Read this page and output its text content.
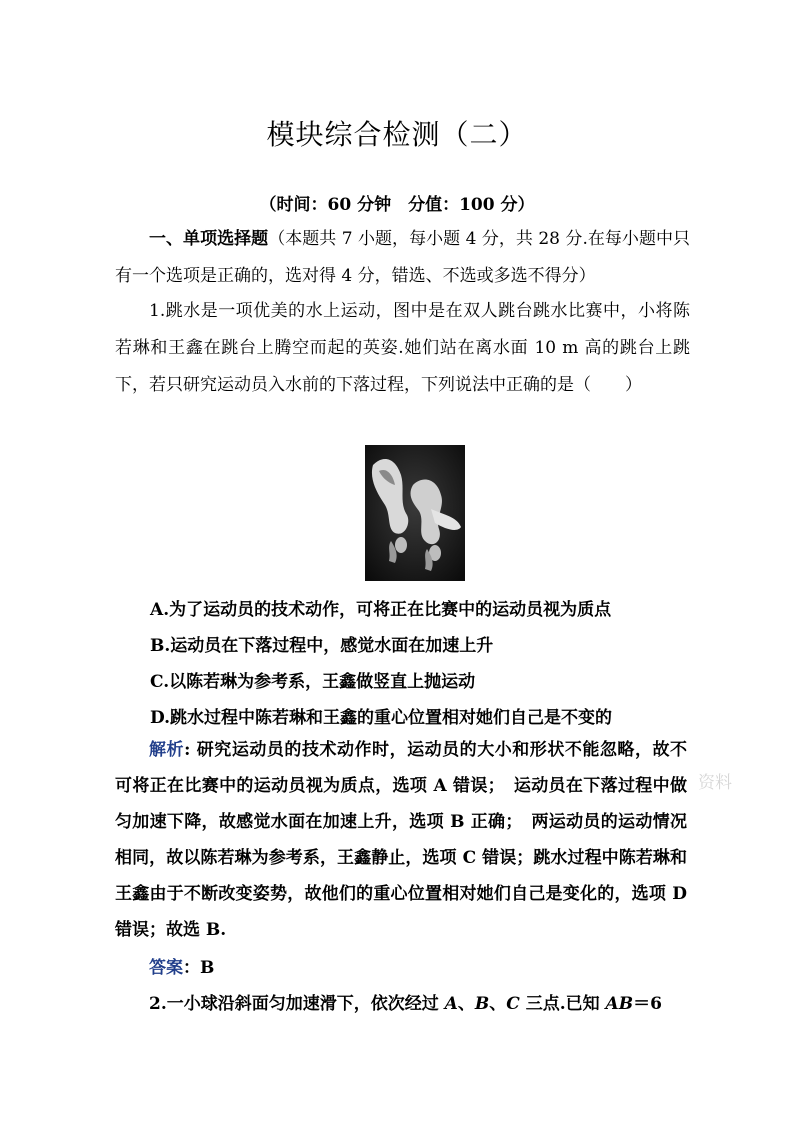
模块综合检测（二）
（时间：60 分钟　分值：100 分）
一、单项选择题（本题共 7 小题，每小题 4 分，共 28 分.在每小题中只有一个选项是正确的，选对得 4 分，错选、不选或多选不得分）
1.跳水是一项优美的水上运动，图中是在双人跳台跳水比赛中，小将陈若琳和王鑫在跳台上腾空而起的英姿.她们站在离水面 10 m 高的跳台上跳下，若只研究运动员入水前的下落过程，下列说法中正确的是（　　）
A.为了运动员的技术动作，可将正在比赛中的运动员视为质点
B.运动员在下落过程中，感觉水面在加速上升
C.以陈若琳为参考系，王鑫做竖直上抛运动
D.跳水过程中陈若琳和王鑫的重心位置相对她们自己是不变的
解析: 研究运动员的技术动作时，运动员的大小和形状不能忽略，故不可将正在比赛中的运动员视为质点，选项 A 错误；　运动员在下落过程中做匀加速下降，故感觉水面在加速上升，选项 B 正确；　两运动员的运动情况相同，故以陈若琳为参考系，王鑫静止，选项 C 错误；跳水过程中陈若琳和王鑫由于不断改变姿势，故他们的重心位置相对她们自己是变化的，选项 D 错误；故选 B.
答案：B
2.一小球沿斜面匀加速滑下，依次经过 A、B、C 三点.已知 AB＝6
资料
